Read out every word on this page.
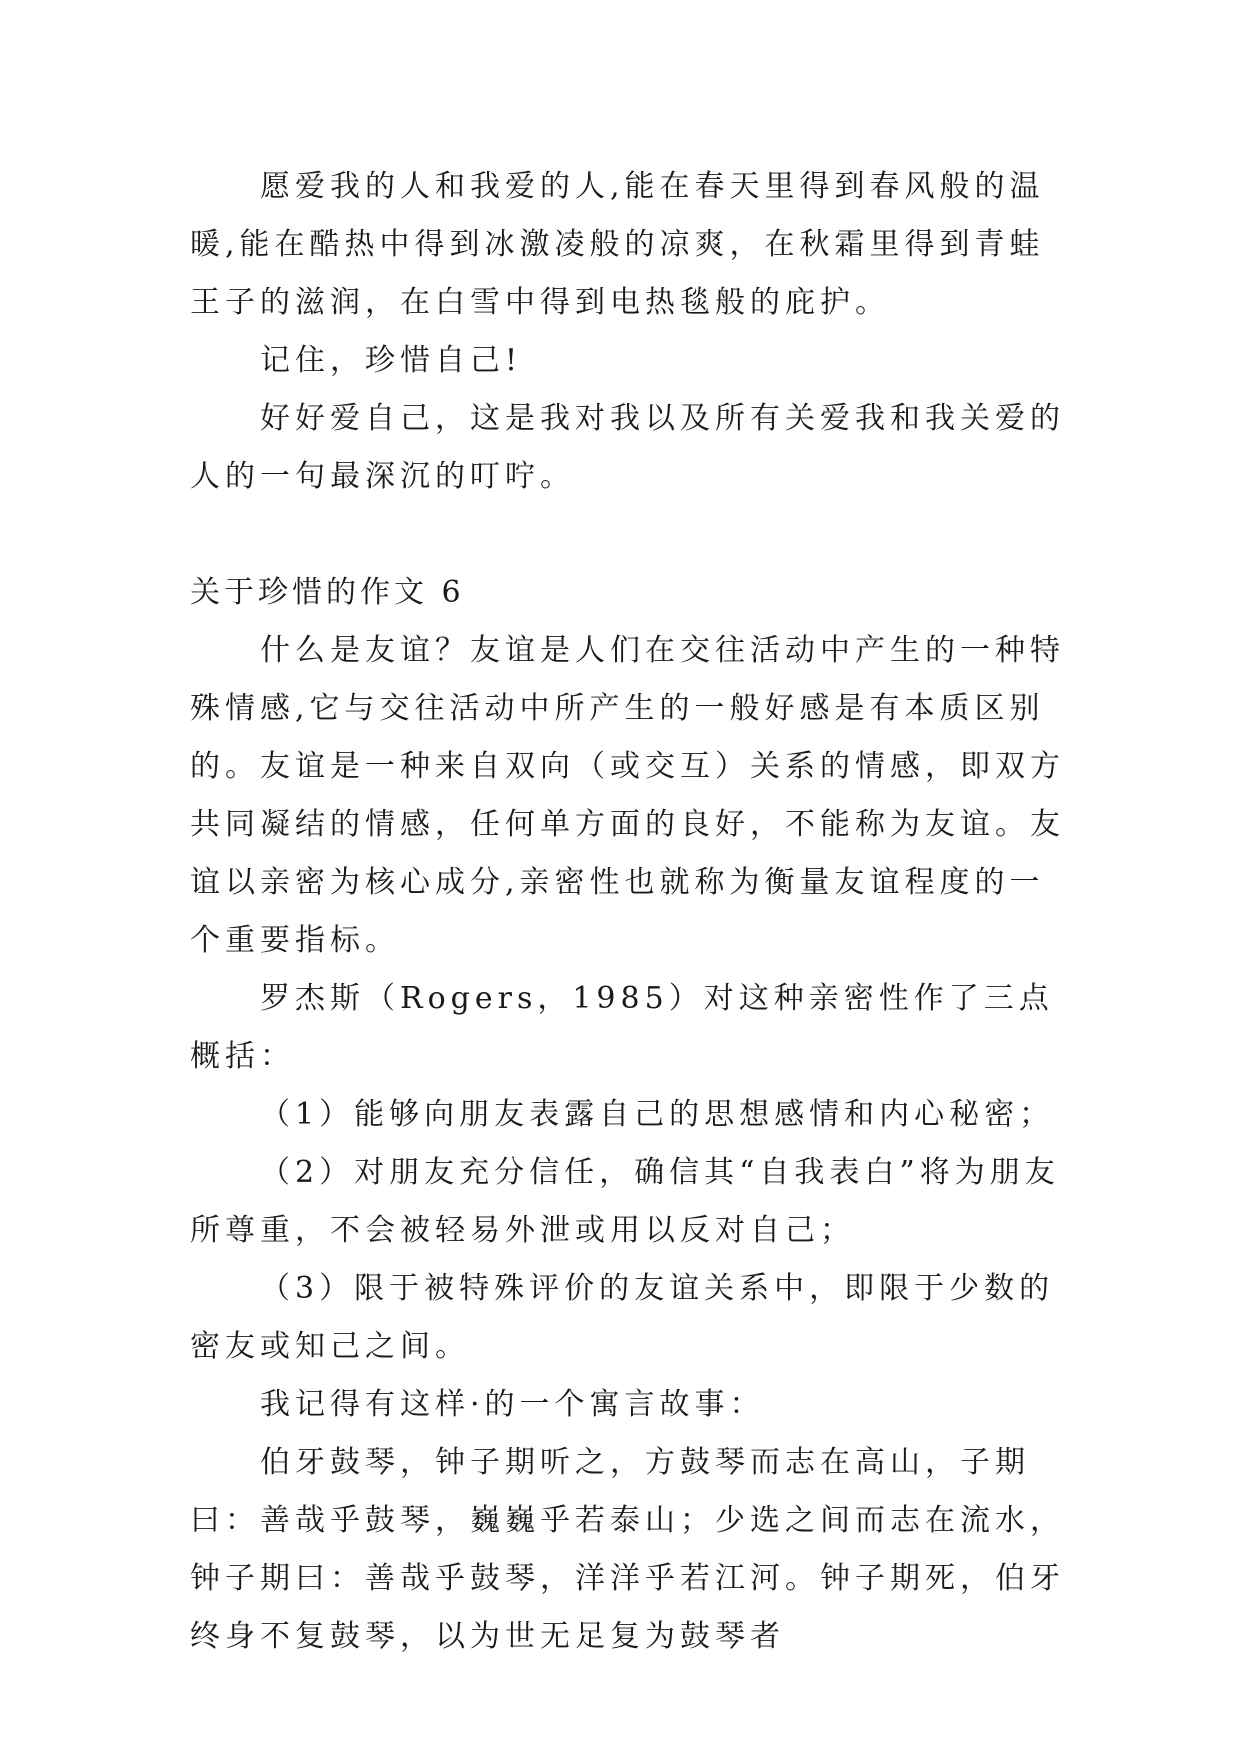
愿爱我的人和我爱的人,能在春天里得到春风般的温暖,能在酷热中得到冰激凌般的凉爽，在秋霜里得到青蛙王子的滋润，在白雪中得到电热毯般的庇护。

记住，珍惜自己!

好好爱自己，这是我对我以及所有关爱我和我关爱的人的一句最深沉的叮咛。

关于珍惜的作文 6

什么是友谊？友谊是人们在交往活动中产生的一种特殊情感,它与交往活动中所产生的一般好感是有本质区别的。友谊是一种来自双向（或交互）关系的情感，即双方共同凝结的情感，任何单方面的良好，不能称为友谊。友谊以亲密为核心成分,亲密性也就称为衡量友谊程度的一个重要指标。

罗杰斯（Rogers，1985）对这种亲密性作了三点概括：

（1）能够向朋友表露自己的思想感情和内心秘密；

（2）对朋友充分信任，确信其“自我表白”将为朋友所尊重，不会被轻易外泄或用以反对自己；

（3）限于被特殊评价的友谊关系中，即限于少数的密友或知己之间。

我记得有这样·的一个寓言故事：

伯牙鼓琴，钟子期听之，方鼓琴而志在高山，子期曰：善哉乎鼓琴，巍巍乎若泰山；少选之间而志在流水，钟子期曰：善哉乎鼓琴，洋洋乎若江河。钟子期死，伯牙终身不复鼓琴，以为世无足复为鼓琴者
